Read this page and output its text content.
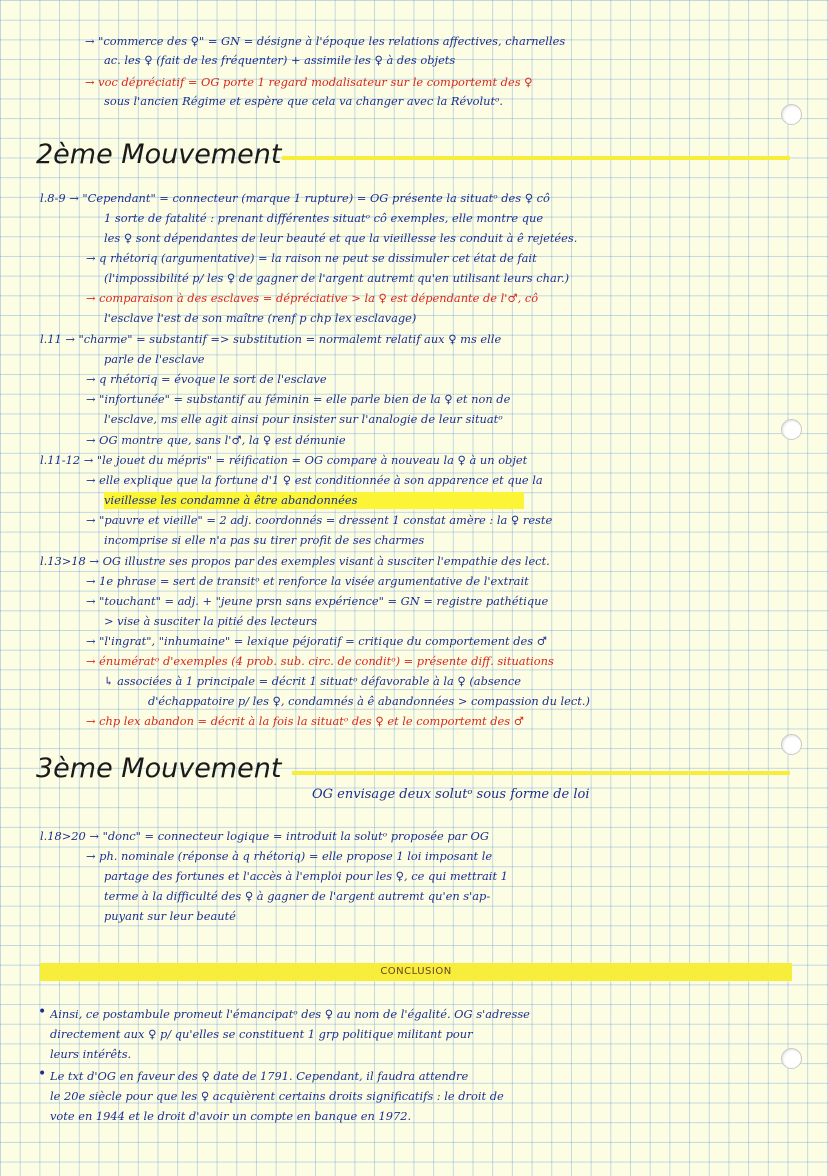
→ "commerce des ♀" = GN = désigne à l'époque les relations affectives, charnelles
ac. les ♀ (fait de les fréquenter) + assimile les ♀ à des objets
→ voc dépréciatif = OG porte 1 regard modalisateur sur le comportemt des ♀
sous l'ancien Régime et espère que cela va changer avec la Révolutᵒ.
2ème Mouvement
l.8-9 → "Cependant" = connecteur (marque 1 rupture) = OG présente la situatᵒ des ♀ cô
1 sorte de fatalité : prenant différentes situatᵒ cô exemples, elle montre que
les ♀ sont dépendantes de leur beauté et que la vieillesse les conduit à ê rejetées.
→ q rhétoriq (argumentative) = la raison ne peut se dissimuler cet état de fait
(l'impossibilité p/ les ♀ de gagner de l'argent autremt qu'en utilisant leurs char.)
→ comparaison à des esclaves = dépréciative > la ♀ est dépendante de l'♂, cô
l'esclave l'est de son maître (renf p chp lex esclavage)
l.11 → "charme" = substantif => substitution = normalemt relatif aux ♀ ms elle
parle de l'esclave
→ q rhétoriq = évoque le sort de l'esclave
→ "infortunée" = substantif au féminin = elle parle bien de la ♀ et non de
l'esclave, ms elle agit ainsi pour insister sur l'analogie de leur situatᵒ
→ OG montre que, sans l'♂, la ♀ est démunie
l.11-12 → "le jouet du mépris" = réification = OG compare à nouveau la ♀ à un objet
→ elle explique que la fortune d'1 ♀ est conditionnée à son apparence et que la
vieillesse les condamne à être abandonnées
→ "pauvre et vieille" = 2 adj. coordonnés = dressent 1 constat amère : la ♀ reste
incomprise si elle n'a pas su tirer profit de ses charmes
l.13>18 → OG illustre ses propos par des exemples visant à susciter l'empathie des lect.
→ 1e phrase = sert de transitᵒ et renforce la visée argumentative de l'extrait
→ "touchant" = adj. + "jeune prsn sans expérience" = GN = registre pathétique
> vise à susciter la pitié des lecteurs
→ "l'ingrat", "inhumaine" = lexique péjoratif = critique du comportement des ♂
→ énumératᵒ d'exemples (4 prob. sub. circ. de conditᵒ) = présente diff. situations
↳ associées à 1 principale = décrit 1 situatᵒ défavorable à la ♀ (absence
d'échappatoire p/ les ♀, condamnés à ê abandonnées > compassion du lect.)
→ chp lex abandon = décrit à la fois la situatᵒ des ♀ et le comportemt des ♂
3ème Mouvement
OG envisage deux solutᵒ sous forme de loi
l.18>20 → "donc" = connecteur logique = introduit la solutᵒ proposée par OG
→ ph. nominale (réponse à q rhétoriq) = elle propose 1 loi imposant le
partage des fortunes et l'accès à l'emploi pour les ♀, ce qui mettrait 1
terme à la difficulté des ♀ à gagner de l'argent autremt qu'en s'ap-
puyant sur leur beauté
CONCLUSION
• Ainsi, ce postambule promeut l'émancipatᵒ des ♀ au nom de l'égalité. OG s'adresse
directement aux ♀ p/ qu'elles se constituent 1 grp politique militant pour
leurs intérêts.
• Le txt d'OG en faveur des ♀ date de 1791. Cependant, il faudra attendre
le 20e siècle pour que les ♀ acquièrent certains droits significatifs : le droit de
vote en 1944 et le droit d'avoir un compte en banque en 1972.
